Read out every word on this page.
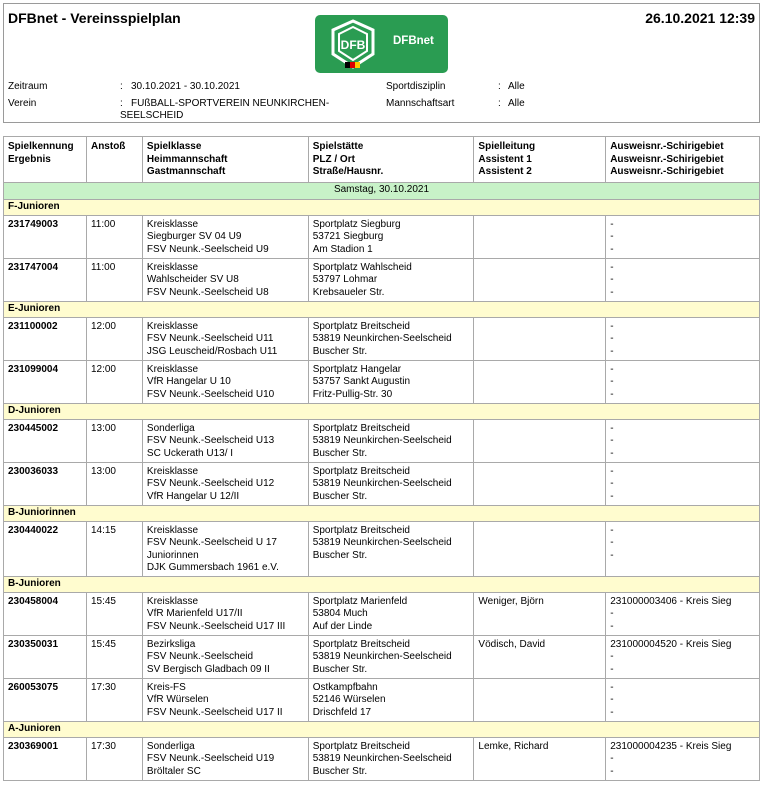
DFBnet - Vereinsspielplan	26.10.2021 12:39
DFB DFBnet
Zeitraum	: 30.10.2021 - 30.10.2021
Verein	: FUßBALL-SPORTVEREIN NEUNKIRCHEN-SEELSCHEID
Sportdisziplin	: Alle
Mannschaftsart	: Alle
Spielkennung
Ergebnis	Anstoß	Spielklasse
Heimmannschaft
Gastmannschaft	Spielstätte
PLZ / Ort
Straße/Hausnr.	Spielleitung
Assistent 1
Assistent 2	Ausweisnr.-Schirigebiet
Ausweisnr.-Schirigebiet
Ausweisnr.-Schirigebiet
Samstag, 30.10.2021					
F-Junioren					
231749003	11:00	Kreisklasse
Siegburger SV 04 U9
FSV Neunk.-Seelscheid U9	Sportplatz Siegburg
53721 Siegburg
Am Stadion 1		-
-
-
231747004	11:00	Kreisklasse
Wahlscheider SV U8
FSV Neunk.-Seelscheid U8	Sportplatz Wahlscheid
53797 Lohmar
Krebsaueler Str.		-
-
-
E-Junioren					
231100002	12:00	Kreisklasse
FSV Neunk.-Seelscheid U11
JSG Leuscheid/Rosbach U11	Sportplatz Breitscheid
53819 Neunkirchen-Seelscheid
Buscher Str.		-
-
-
231099004	12:00	Kreisklasse
VfR Hangelar U 10
FSV Neunk.-Seelscheid U10	Sportplatz Hangelar
53757 Sankt Augustin
Fritz-Pullig-Str. 30		-
-
-
D-Junioren					
230445002	13:00	Sonderliga
FSV Neunk.-Seelscheid U13
SC Uckerath U13/ I	Sportplatz Breitscheid
53819 Neunkirchen-Seelscheid
Buscher Str.		-
-
-
230036033	13:00	Kreisklasse
FSV Neunk.-Seelscheid U12
VfR Hangelar U 12/II	Sportplatz Breitscheid
53819 Neunkirchen-Seelscheid
Buscher Str.		-
-
-
B-Juniorinnen					
230440022	14:15	Kreisklasse
FSV Neunk.-Seelscheid U 17
Juniorinnen
DJK Gummersbach 1961 e.V.	Sportplatz Breitscheid
53819 Neunkirchen-Seelscheid
Buscher Str.		-
-
-
B-Junioren					
230458004	15:45	Kreisklasse
VfR Marienfeld U17/II
FSV Neunk.-Seelscheid U17 III	Sportplatz Marienfeld
53804 Much
Auf der Linde	Weniger, Björn	231000003406 - Kreis Sieg
-
-
230350031	15:45	Bezirksliga
FSV Neunk.-Seelscheid
SV Bergisch Gladbach 09 II	Sportplatz Breitscheid
53819 Neunkirchen-Seelscheid
Buscher Str.	Vödisch, David	231000004520 - Kreis Sieg
-
-
260053075	17:30	Kreis-FS
VfR Würselen
FSV Neunk.-Seelscheid U17 II	Ostkampfbahn
52146 Würselen
Drischfeld 17		-
-
-
A-Junioren					
230369001	17:30	Sonderliga
FSV Neunk.-Seelscheid U19
Bröltaler SC	Sportplatz Breitscheid
53819 Neunkirchen-Seelscheid
Buscher Str.	Lemke, Richard	231000004235 - Kreis Sieg
-
-
